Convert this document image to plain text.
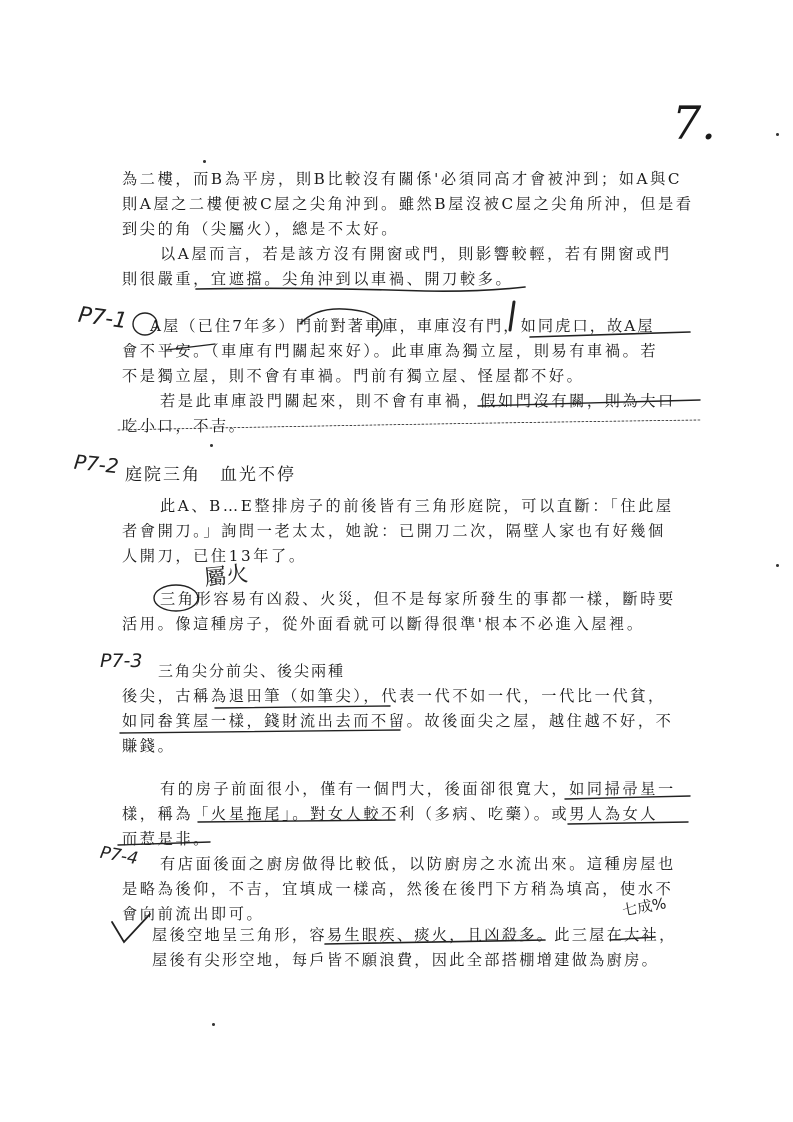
7.
為二樓，而B為平房，則B比較沒有關係'必須同高才會被沖到；如A與C
則A屋之二樓便被C屋之尖角沖到。雖然B屋沒被C屋之尖角所沖，但是看
到尖的角（尖屬火），總是不太好。
以A屋而言，若是該方沒有開窗或門，則影響較輕，若有開窗或門
則很嚴重，宜遮擋。尖角沖到以車禍、開刀較多。
A屋（已住7年多）門前對著車庫，車庫沒有門，如同虎口，故A屋
會不平安。（車庫有門關起來好）。此車庫為獨立屋，則易有車禍。若
不是獨立屋，則不會有車禍。門前有獨立屋、怪屋都不好。
若是此車庫設門關起來，則不會有車禍，假如門沒有關，則為大口
吃小口，不吉。
庭院三角　血光不停
此A、B…E整排房子的前後皆有三角形庭院，可以直斷：「住此屋
者會開刀。」詢問一老太太，她說：已開刀二次，隔壁人家也有好幾個
人開刀，已住13年了。
三角形容易有凶殺、火災，但不是每家所發生的事都一樣，斷時要
活用。像這種房子，從外面看就可以斷得很準'根本不必進入屋裡。
三角尖分前尖、後尖兩種
後尖，古稱為退田筆（如筆尖），代表一代不如一代，一代比一代貧，
如同畚箕屋一樣，錢財流出去而不留。故後面尖之屋，越住越不好，不
賺錢。
有的房子前面很小，僅有一個門大，後面卻很寬大，如同掃帚星一
樣，稱為「火星拖尾」。對女人較不利（多病、吃藥）。或男人為女人
而惹是非。
有店面後面之廚房做得比較低，以防廚房之水流出來。這種房屋也
是略為後仰，不吉，宜填成一樣高，然後在後門下方稍為填高，使水不
會向前流出即可。
屋後空地呈三角形，容易生眼疾、痰火，且凶殺多。此三屋在大社，
屋後有尖形空地，每戶皆不願浪費，因此全部搭棚增建做為廚房。
P7-1
P7-2
P7-3
P7-4
屬火
七成%
